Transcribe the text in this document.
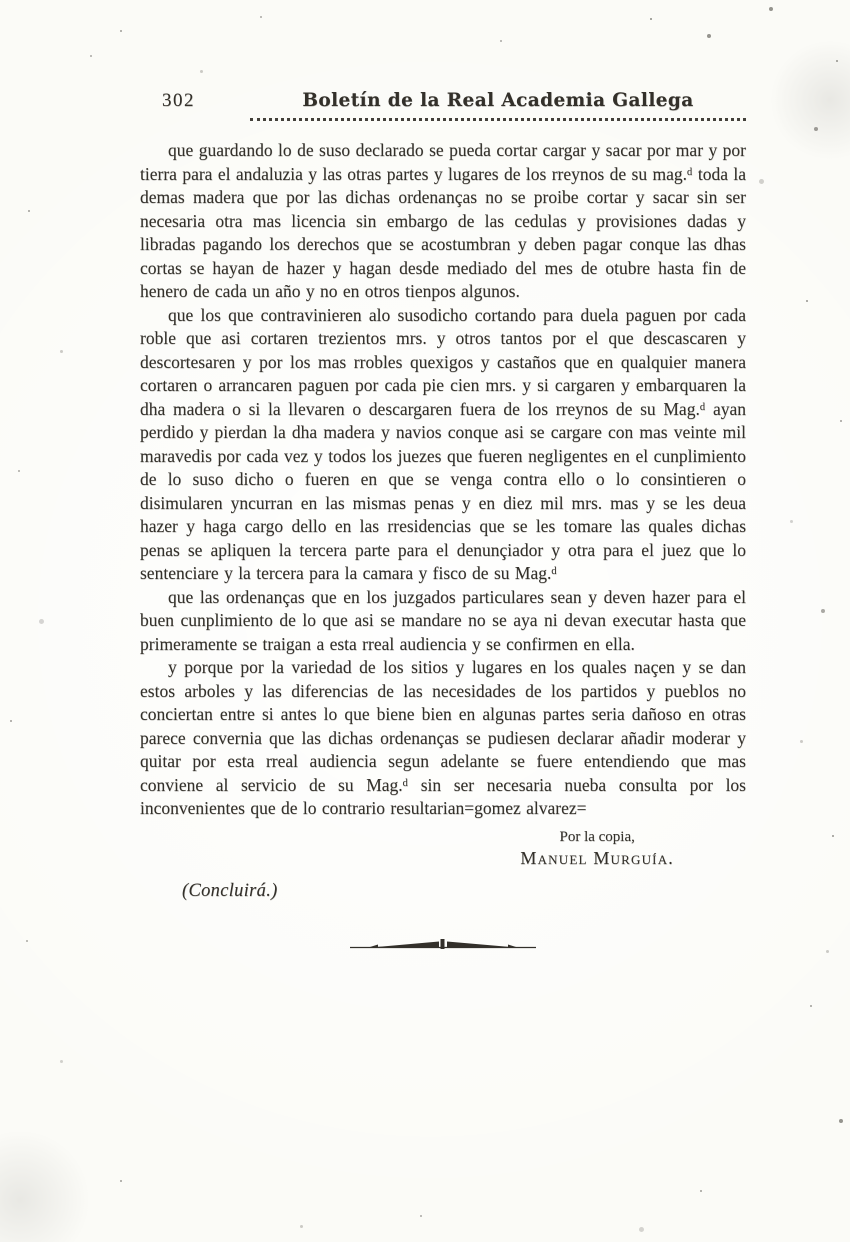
302	Boletín de la Real Academia Gallega

que guardando lo de suso declarado se pueda cortar cargar y sacar por mar y por tierra para el andaluzia y las otras partes y lugares de los rreynos de su mag.ᵈ toda la demas madera que por las dichas ordenanças no se proibe cortar y sacar sin ser necesaria otra mas licencia sin embargo de las cedulas y provisiones dadas y libradas pagando los derechos que se acostumbran y deben pagar conque las dhas cortas se hayan de hazer y hagan desde mediado del mes de otubre hasta fin de henero de cada un año y no en otros tienpos algunos.

que los que contravinieren alo susodicho cortando para duela paguen por cada roble que asi cortaren trezientos mrs. y otros tantos por el que descascaren y descortesaren y por los mas rrobles quexigos y castaños que en qualquier manera cortaren o arrancaren paguen por cada pie cien mrs. y si cargaren y embarquaren la dha madera o si la llevaren o descargaren fuera de los rreynos de su Mag.ᵈ ayan perdido y pierdan la dha madera y navios conque asi se cargare con mas veinte mil maravedis por cada vez y todos los juezes que fueren negligentes en el cunplimiento de lo suso dicho o fueren en que se venga contra ello o lo consintieren o disimularen yncurran en las mismas penas y en diez mil mrs. mas y se les deua hazer y haga cargo dello en las rresidencias que se les tomare las quales dichas penas se apliquen la tercera parte para el denunçiador y otra para el juez que lo sentenciare y la tercera para la camara y fisco de su Mag.ᵈ

que las ordenanças que en los juzgados particulares sean y deven hazer para el buen cunplimiento de lo que asi se mandare no se aya ni devan executar hasta que primeramente se traigan a esta rreal audiencia y se confirmen en ella.

y porque por la variedad de los sitios y lugares en los quales naçen y se dan estos arboles y las diferencias de las necesidades de los partidos y pueblos no conciertan entre si antes lo que biene bien en algunas partes seria dañoso en otras parece convernia que las dichas ordenanças se pudiesen declarar añadir moderar y quitar por esta rreal audiencia segun adelante se fuere entendiendo que mas conviene al servicio de su Mag.ᵈ sin ser necesaria nueba consulta por los inconvenientes que de lo contrario resultarian=gomez alvarez=

Por la copia,
Manuel Murguía.
(Concluirá.)
